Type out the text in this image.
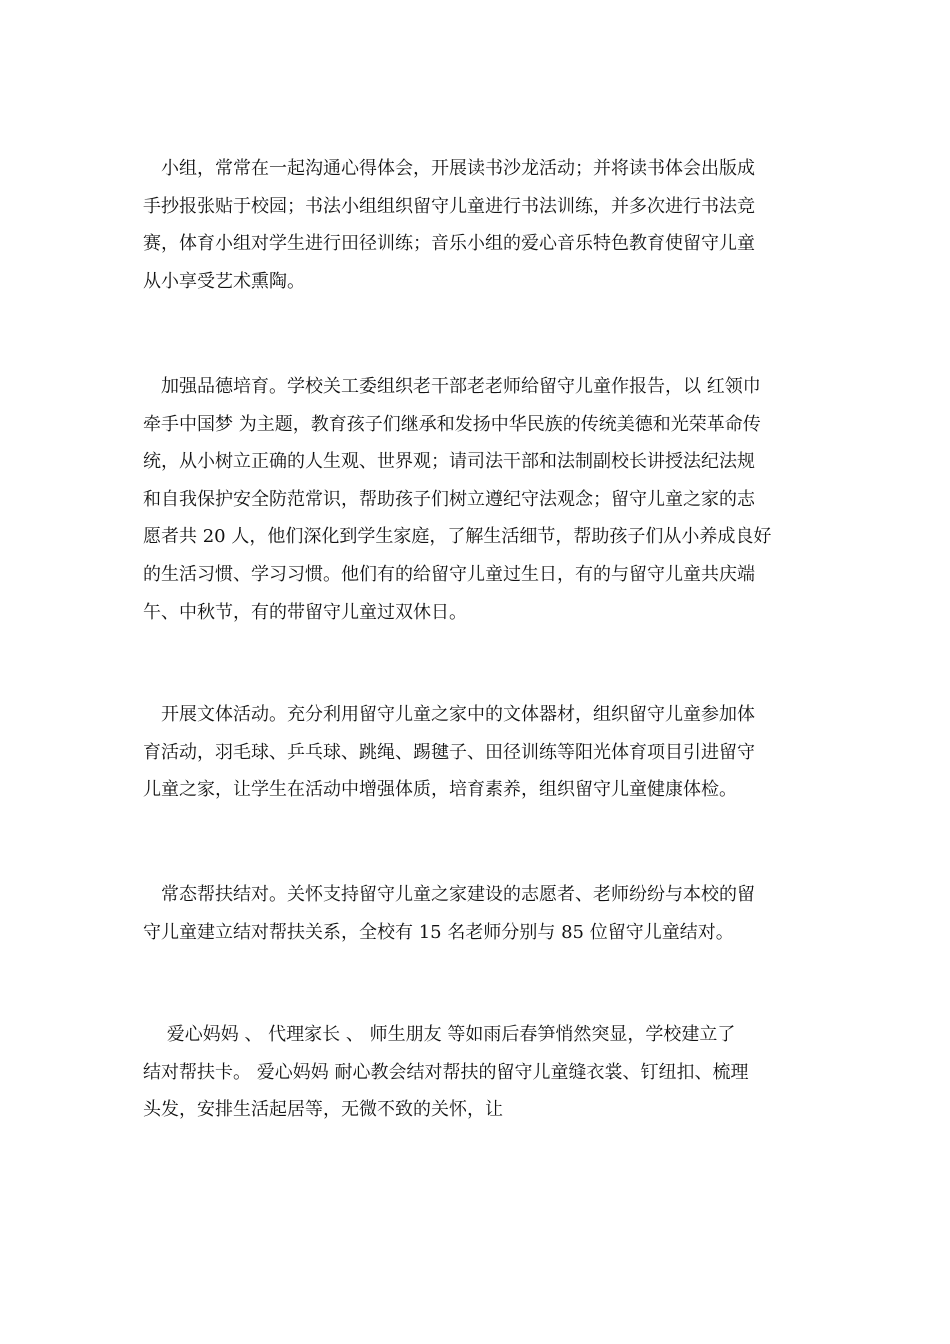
　小组，常常在一起沟通心得体会，开展读书沙龙活动；并将读书体会出版成
手抄报张贴于校园；书法小组组织留守儿童进行书法训练，并多次进行书法竞
赛，体育小组对学生进行田径训练；音乐小组的爱心音乐特色教育使留守儿童
从小享受艺术熏陶。
　加强品德培育。学校关工委组织老干部老老师给留守儿童作报告，以 红领巾
牵手中国梦 为主题，教育孩子们继承和发扬中华民族的传统美德和光荣革命传
统，从小树立正确的人生观、世界观；请司法干部和法制副校长讲授法纪法规
和自我保护安全防范常识，帮助孩子们树立遵纪守法观念；留守儿童之家的志
愿者共 20 人，他们深化到学生家庭，了解生活细节，帮助孩子们从小养成良好
的生活习惯、学习习惯。他们有的给留守儿童过生日，有的与留守儿童共庆端
午、中秋节，有的带留守儿童过双休日。
　开展文体活动。充分利用留守儿童之家中的文体器材，组织留守儿童参加体
育活动，羽毛球、乒乓球、跳绳、踢毽子、田径训练等阳光体育项目引进留守
儿童之家，让学生在活动中增强体质，培育素养，组织留守儿童健康体检。
　常态帮扶结对。关怀支持留守儿童之家建设的志愿者、老师纷纷与本校的留
守儿童建立结对帮扶关系，全校有 15 名老师分别与 85 位留守儿童结对。
　 爱心妈妈 、 代理家长 、 师生朋友 等如雨后春笋悄然突显，学校建立了
结对帮扶卡。 爱心妈妈 耐心教会结对帮扶的留守儿童缝衣裳、钉纽扣、梳理
头发，安排生活起居等，无微不致的关怀，让
